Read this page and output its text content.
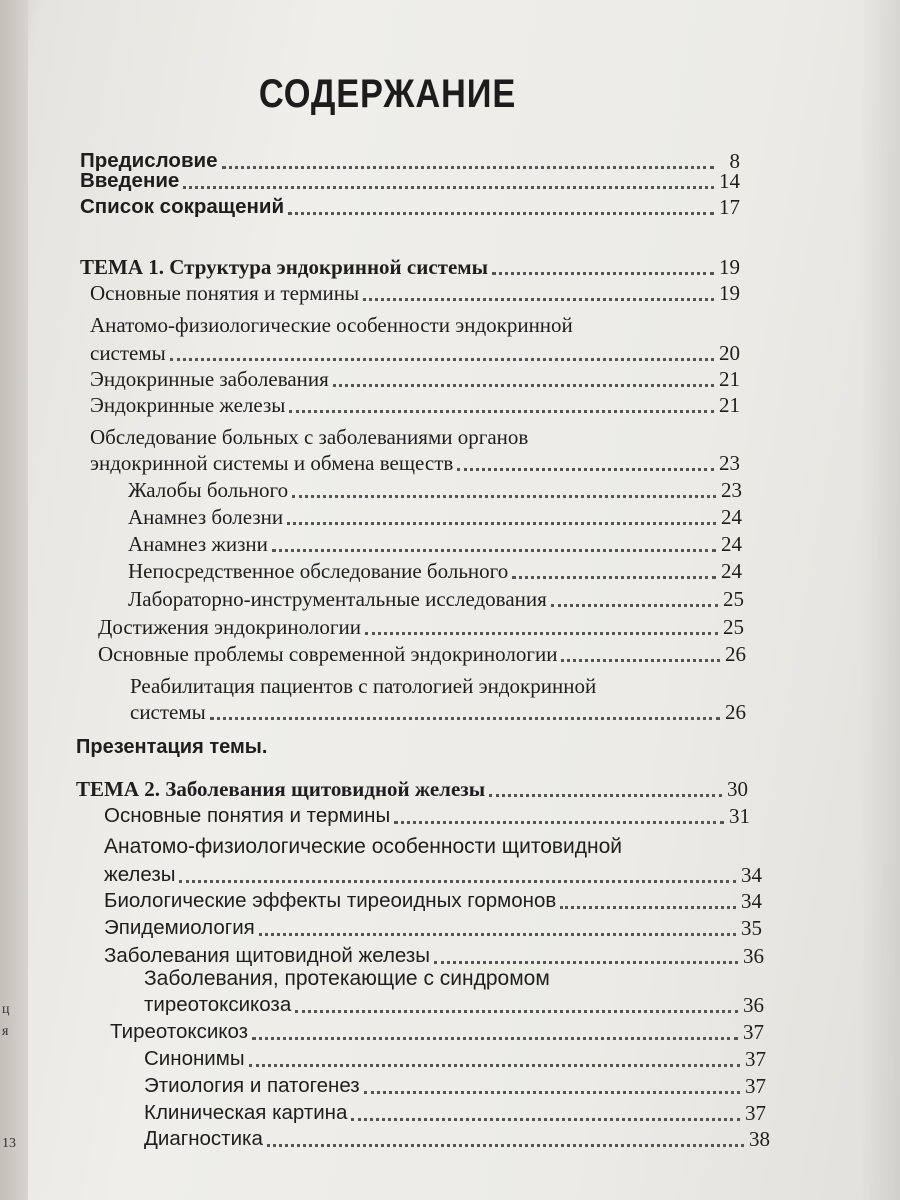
СОДЕРЖАНИЕ
Предисловие	8
Введение	14
Список сокращений	17
ТЕМА 1. Структура эндокринной системы	19
Основные понятия и термины	19
Анатомо-физиологические особенности эндокринной
системы	20
Эндокринные заболевания	21
Эндокринные железы	21
Обследование больных с заболеваниями органов
эндокринной системы и обмена веществ	23
Жалобы больного	23
Анамнез болезни	24
Анамнез жизни	24
Непосредственное обследование больного	24
Лабораторно-инструментальные исследования	25
Достижения эндокринологии	25
Основные проблемы современной эндокринологии	26
Реабилитация пациентов с патологией эндокринной
системы	26
Презентация темы.
ТЕМА 2. Заболевания щитовидной железы	30
Основные понятия и термины	31
Анатомо-физиологические особенности щитовидной
железы	34
Биологические эффекты тиреоидных гормонов	34
Эпидемиология	35
Заболевания щитовидной железы	36
Заболевания, протекающие с синдромом
тиреотоксикоза	36
Тиреотоксикоз	37
Синонимы	37
Этиология и патогенез	37
Клиническая картина	37
Диагностика	38
ц
я
13
